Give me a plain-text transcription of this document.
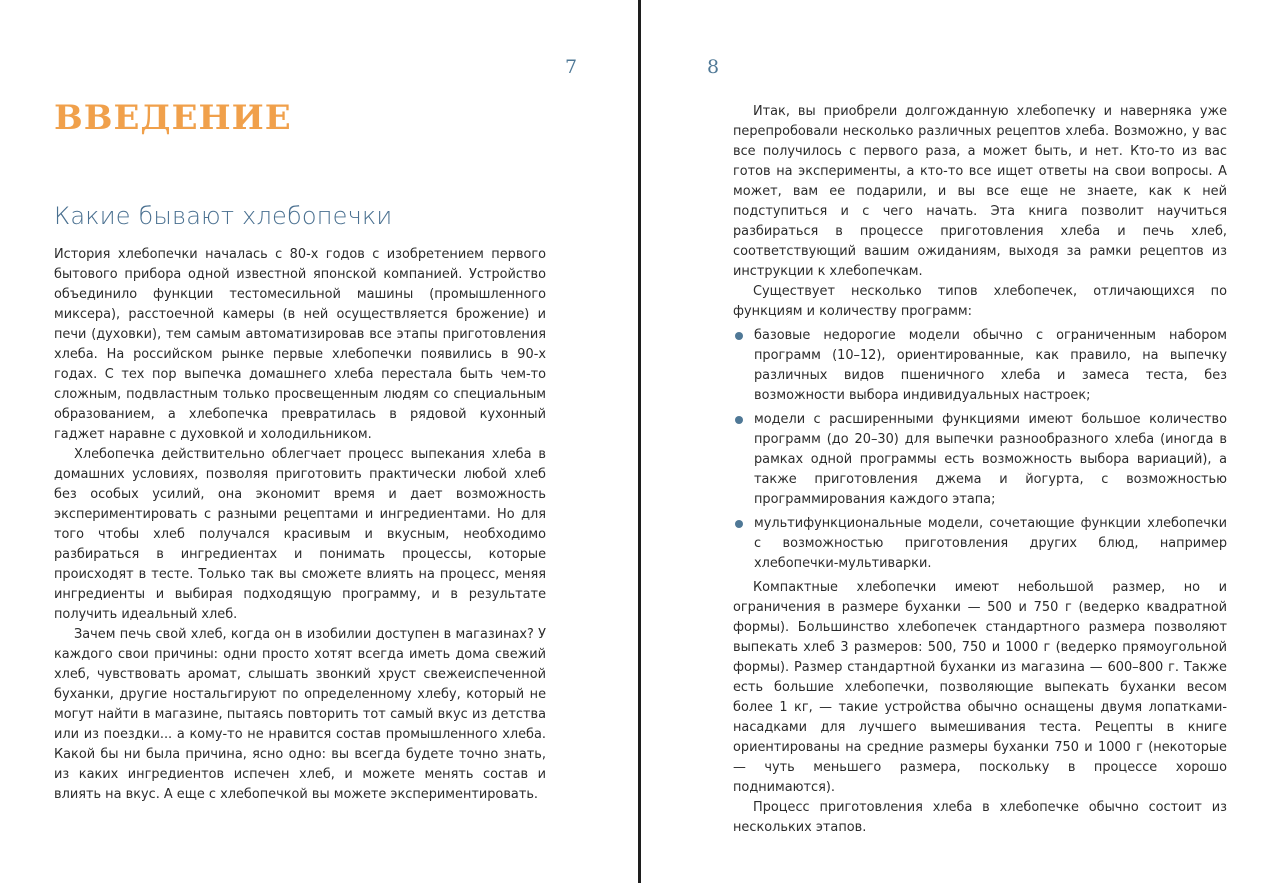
7
ВВЕДЕНИЕ
Какие бывают хлебопечки

История хлебопечки началась с 80-х годов с изобретением первого бытового прибора одной известной японской компанией. Устройство объединило функции тестомесильной машины (промышленного миксера), расстоечной камеры (в ней осуществляется брожение) и печи (духовки), тем самым автоматизировав все этапы приготовления хлеба. На российском рынке первые хлебопечки появились в 90-х годах. С тех пор выпечка домашнего хлеба перестала быть чем-то сложным, подвластным только просвещенным людям со специальным образованием, а хлебопечка превратилась в рядовой кухонный гаджет наравне с духовкой и холодильником.

Хлебопечка действительно облегчает процесс выпекания хлеба в домашних условиях, позволяя приготовить практически любой хлеб без особых усилий, она экономит время и дает возможность экспериментировать с разными рецептами и ингредиентами. Но для того чтобы хлеб получался красивым и вкусным, необходимо разбираться в ингредиентах и понимать процессы, которые происходят в тесте. Только так вы сможете влиять на процесс, меняя ингредиенты и выбирая подходящую программу, и в результате получить идеальный хлеб.

Зачем печь свой хлеб, когда он в изобилии доступен в магазинах? У каждого свои причины: одни просто хотят всегда иметь дома свежий хлеб, чувствовать аромат, слышать звонкий хруст свежеиспеченной буханки, другие ностальгируют по определенному хлебу, который не могут найти в магазине, пытаясь повторить тот самый вкус из детства или из поездки... а кому-то не нравится состав промышленного хлеба. Какой бы ни была причина, ясно одно: вы всегда будете точно знать, из каких ингредиентов испечен хлеб, и можете менять состав и влиять на вкус. А еще с хлебопечкой вы можете экспериментировать.

8

Итак, вы приобрели долгожданную хлебопечку и наверняка уже перепробовали несколько различных рецептов хлеба. Возможно, у вас все получилось с первого раза, а может быть, и нет. Кто-то из вас готов на эксперименты, а кто-то все ищет ответы на свои вопросы. А может, вам ее подарили, и вы все еще не знаете, как к ней подступиться и с чего начать. Эта книга позволит научиться разбираться в процессе приготовления хлеба и печь хлеб, соответствующий вашим ожиданиям, выходя за рамки рецептов из инструкции к хлебопечкам.

Существует несколько типов хлебопечек, отличающихся по функциям и количеству программ:

базовые недорогие модели обычно с ограниченным набором программ (10–12), ориентированные, как правило, на выпечку различных видов пшеничного хлеба и замеса теста, без возможности выбора индивидуальных настроек;
модели с расширенными функциями имеют большое количество программ (до 20–30) для выпечки разнообразного хлеба (иногда в рамках одной программы есть возможность выбора вариаций), а также приготовления джема и йогурта, с возможностью программирования каждого этапа;
мультифункциональные модели, сочетающие функции хлебопечки с возможностью приготовления других блюд, например хлебопечки-мультиварки.

Компактные хлебопечки имеют небольшой размер, но и ограничения в размере буханки — 500 и 750 г (ведерко квадратной формы). Большинство хлебопечек стандартного размера позволяют выпекать хлеб 3 размеров: 500, 750 и 1000 г (ведерко прямоугольной формы). Размер стандартной буханки из магазина — 600–800 г. Также есть большие хлебопечки, позволяющие выпекать буханки весом более 1 кг, — такие устройства обычно оснащены двумя лопатками-насадками для лучшего вымешивания теста. Рецепты в книге ориентированы на средние размеры буханки 750 и 1000 г (некоторые — чуть меньшего размера, поскольку в процессе хорошо поднимаются).

Процесс приготовления хлеба в хлебопечке обычно состоит из нескольких этапов.
